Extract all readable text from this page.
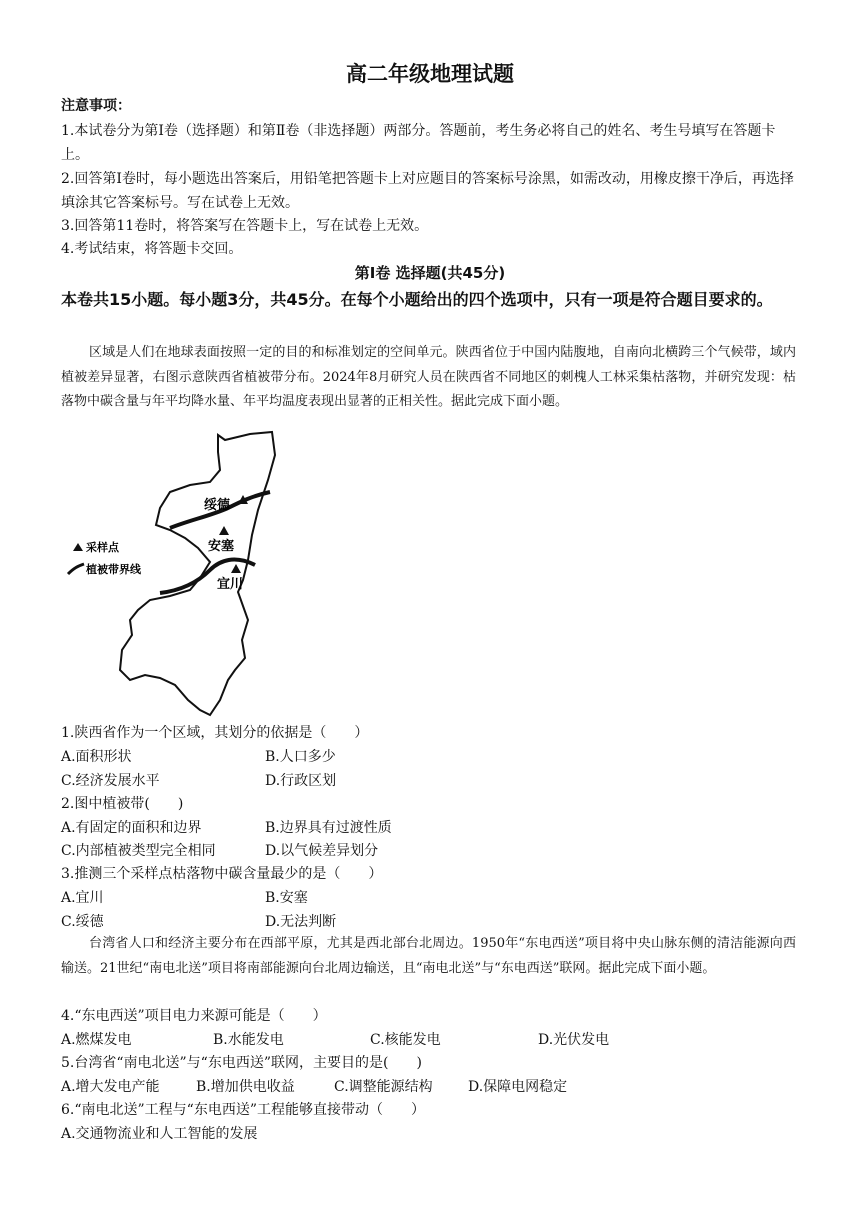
高二年级地理试题
注意事项：
1.本试卷分为第Ⅰ卷（选择题）和第Ⅱ卷（非选择题）两部分。答题前，考生务必将自己的姓名、考生号填写在答题卡上。
2.回答第Ⅰ卷时，每小题选出答案后，用铅笔把答题卡上对应题目的答案标号涂黑，如需改动，用橡皮擦干净后，再选择填涂其它答案标号。写在试卷上无效。
3.回答第11卷时，将答案写在答题卡上，写在试卷上无效。
4.考试结束，将答题卡交回。
第Ⅰ卷 选择题(共45分)
本卷共15小题。每小题3分，共45分。在每个小题给出的四个选项中，只有一项是符合题目要求的。
区域是人们在地球表面按照一定的目的和标准划定的空间单元。陕西省位于中国内陆腹地，自南向北横跨三个气候带，域内植被差异显著，右图示意陕西省植被带分布。2024年8月研究人员在陕西省不同地区的刺槐人工林采集枯落物，并研究发现：枯落物中碳含量与年平均降水量、年平均温度表现出显著的正相关性。据此完成下面小题。
绥德
安塞
宜川
采样点
植被带界线
1.陕西省作为一个区域，其划分的依据是（　　）
A.面积形状	B.人口多少
C.经济发展水平	D.行政区划
2.图中植被带(　　)
A.有固定的面积和边界	B.边界具有过渡性质
C.内部植被类型完全相同	D.以气候差异划分
3.推测三个采样点枯落物中碳含量最少的是（　　）
A.宜川	B.安塞
C.绥德	D.无法判断
台湾省人口和经济主要分布在西部平原，尤其是西北部台北周边。1950年“东电西送”项目将中央山脉东侧的清洁能源向西输送。21世纪“南电北送”项目将南部能源向台北周边输送，且“南电北送”与“东电西送”联网。据此完成下面小题。
4.“东电西送”项目电力来源可能是（　　）
A.燃煤发电	B.水能发电	C.核能发电	D.光伏发电
5.台湾省“南电北送”与“东电西送”联网，主要目的是(　　)
A.增大发电产能	B.增加供电收益	C.调整能源结构	D.保障电网稳定
6.“南电北送”工程与“东电西送”工程能够直接带动（　　）
A.交通物流业和人工智能的发展
